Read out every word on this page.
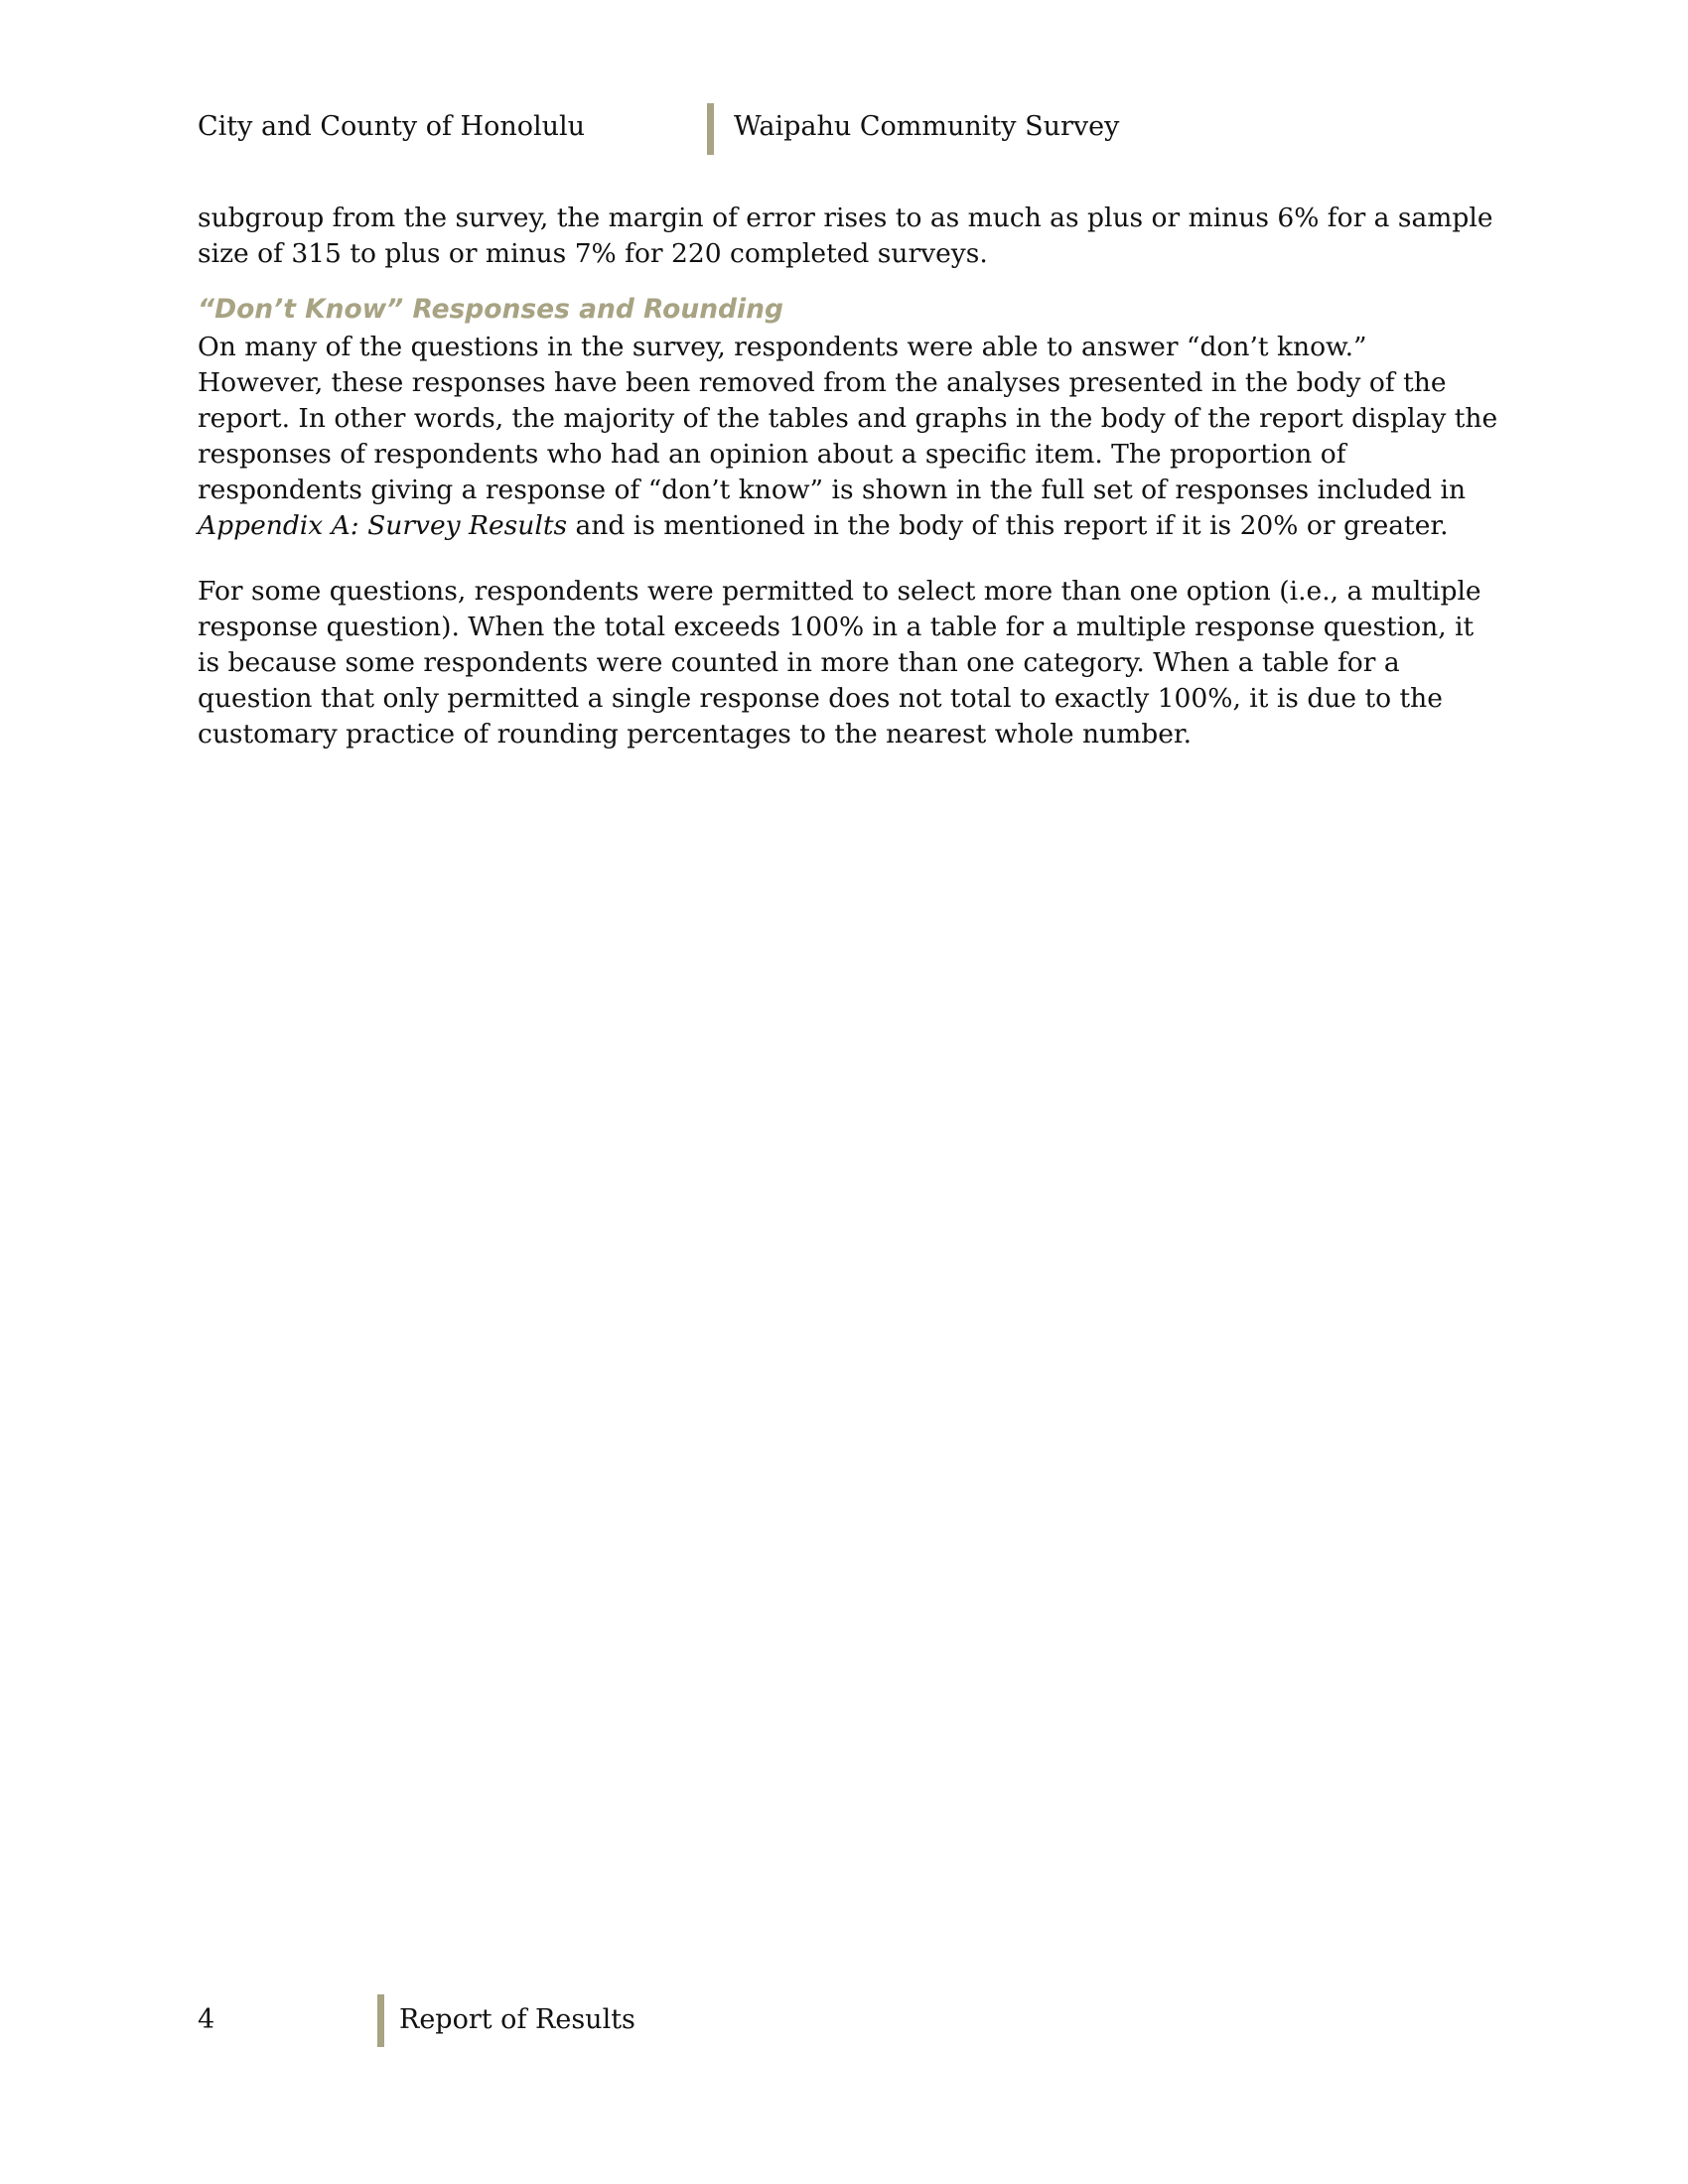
City and County of Honolulu	Waipahu Community Survey

subgroup from the survey, the margin of error rises to as much as plus or minus 6% for a sample size of 315 to plus or minus 7% for 220 completed surveys.

“Don’t Know” Responses and Rounding

On many of the questions in the survey, respondents were able to answer “don’t know.” However, these responses have been removed from the analyses presented in the body of the report. In other words, the majority of the tables and graphs in the body of the report display the responses of respondents who had an opinion about a specific item. The proportion of respondents giving a response of “don’t know” is shown in the full set of responses included in Appendix A: Survey Results and is mentioned in the body of this report if it is 20% or greater.

For some questions, respondents were permitted to select more than one option (i.e., a multiple response question). When the total exceeds 100% in a table for a multiple response question, it is because some respondents were counted in more than one category. When a table for a question that only permitted a single response does not total to exactly 100%, it is due to the customary practice of rounding percentages to the nearest whole number.

4	Report of Results
